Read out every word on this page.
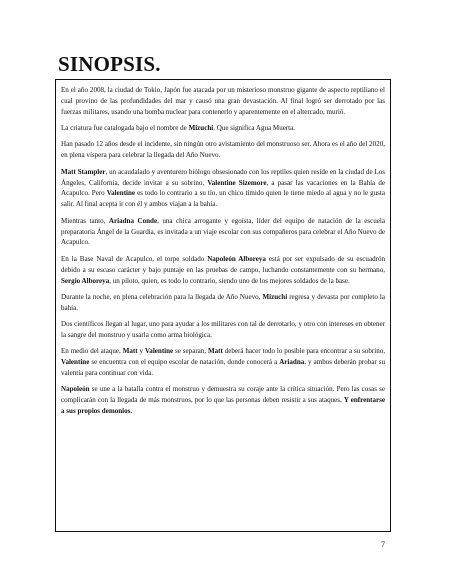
SINOPSIS.

En el año 2008, la ciudad de Tokio, Japón fue atacada por un misterioso monstruo gigante de aspecto reptiliano el cual provino de las profundidades del mar y causó una gran devastación. Al final logró ser derrotado por las fuerzas militares, usando una bomba nuclear para contenerlo y aparentemente en el altercado, murió.

La criatura fue catalogada bajo el nombre de Mizuchi. Que significa Agua Muerta.

Han pasado 12 años desde el incidente, sin ningún otro avistamiento del monstruoso ser. Ahora es el año del 2020, en plena víspera para celebrar la llegada del Año Nuevo.

Matt Stampler, un acaudalado y aventurero biólogo obsesionado con los reptiles quien reside en la ciudad de Los Ángeles, California, decide invitar a su sobrino, Valentine Sizemore, a pasar las vacaciones en la Bahía de Acapulco. Pero Valentine es todo lo contrario a su tío, un chico tímido quien le tiene miedo al agua y no le gusta salir. Al final acepta ir con él y ambos viajan a la bahía.

Mientras tanto, Ariadna Conde, una chica arrogante y egoísta, líder del equipo de natación de la escuela preparatoria Ángel de la Guardia, es invitada a un viaje escolar con sus compañeros para celebrar el Año Nuevo de Acapulco.

En la Base Naval de Acapulco, el torpe soldado Napoleón Alboreya está por ser expulsado de su escuadrón debido a su escaso carácter y bajo puntaje en las pruebas de campo, luchando constantemente con su hermano, Sergio Alboreya, un piloto, quien, es todo lo contrario, siendo uno de los mejores soldados de la base.

Durante la noche, en plena celebración para la llegada de Año Nuevo, Mizuchi regresa y devasta por completo la bahía.

Dos científicos llegan al lugar, uno para ayudar a los militares con tal de derrotarlo, y otro con intereses en obtener la sangre del monstruo y usarla como arma biológica.

En medio del ataque, Matt y Valentine se separan, Matt deberá hacer todo lo posible para encontrar a su sobrino, Valentine se encuentra con el equipo escolar de natación, donde conocerá a Ariadna, y ambos deberán probar su valentía para continuar con vida.

Napoleón se une a la batalla contra el monstruo y demuestra su coraje ante la crítica situación. Pero las cosas se complicarán con la llegada de más monstruos, por lo que las personas deben resistir a sus ataques. Y enfrentarse a sus propios demonios.

7
